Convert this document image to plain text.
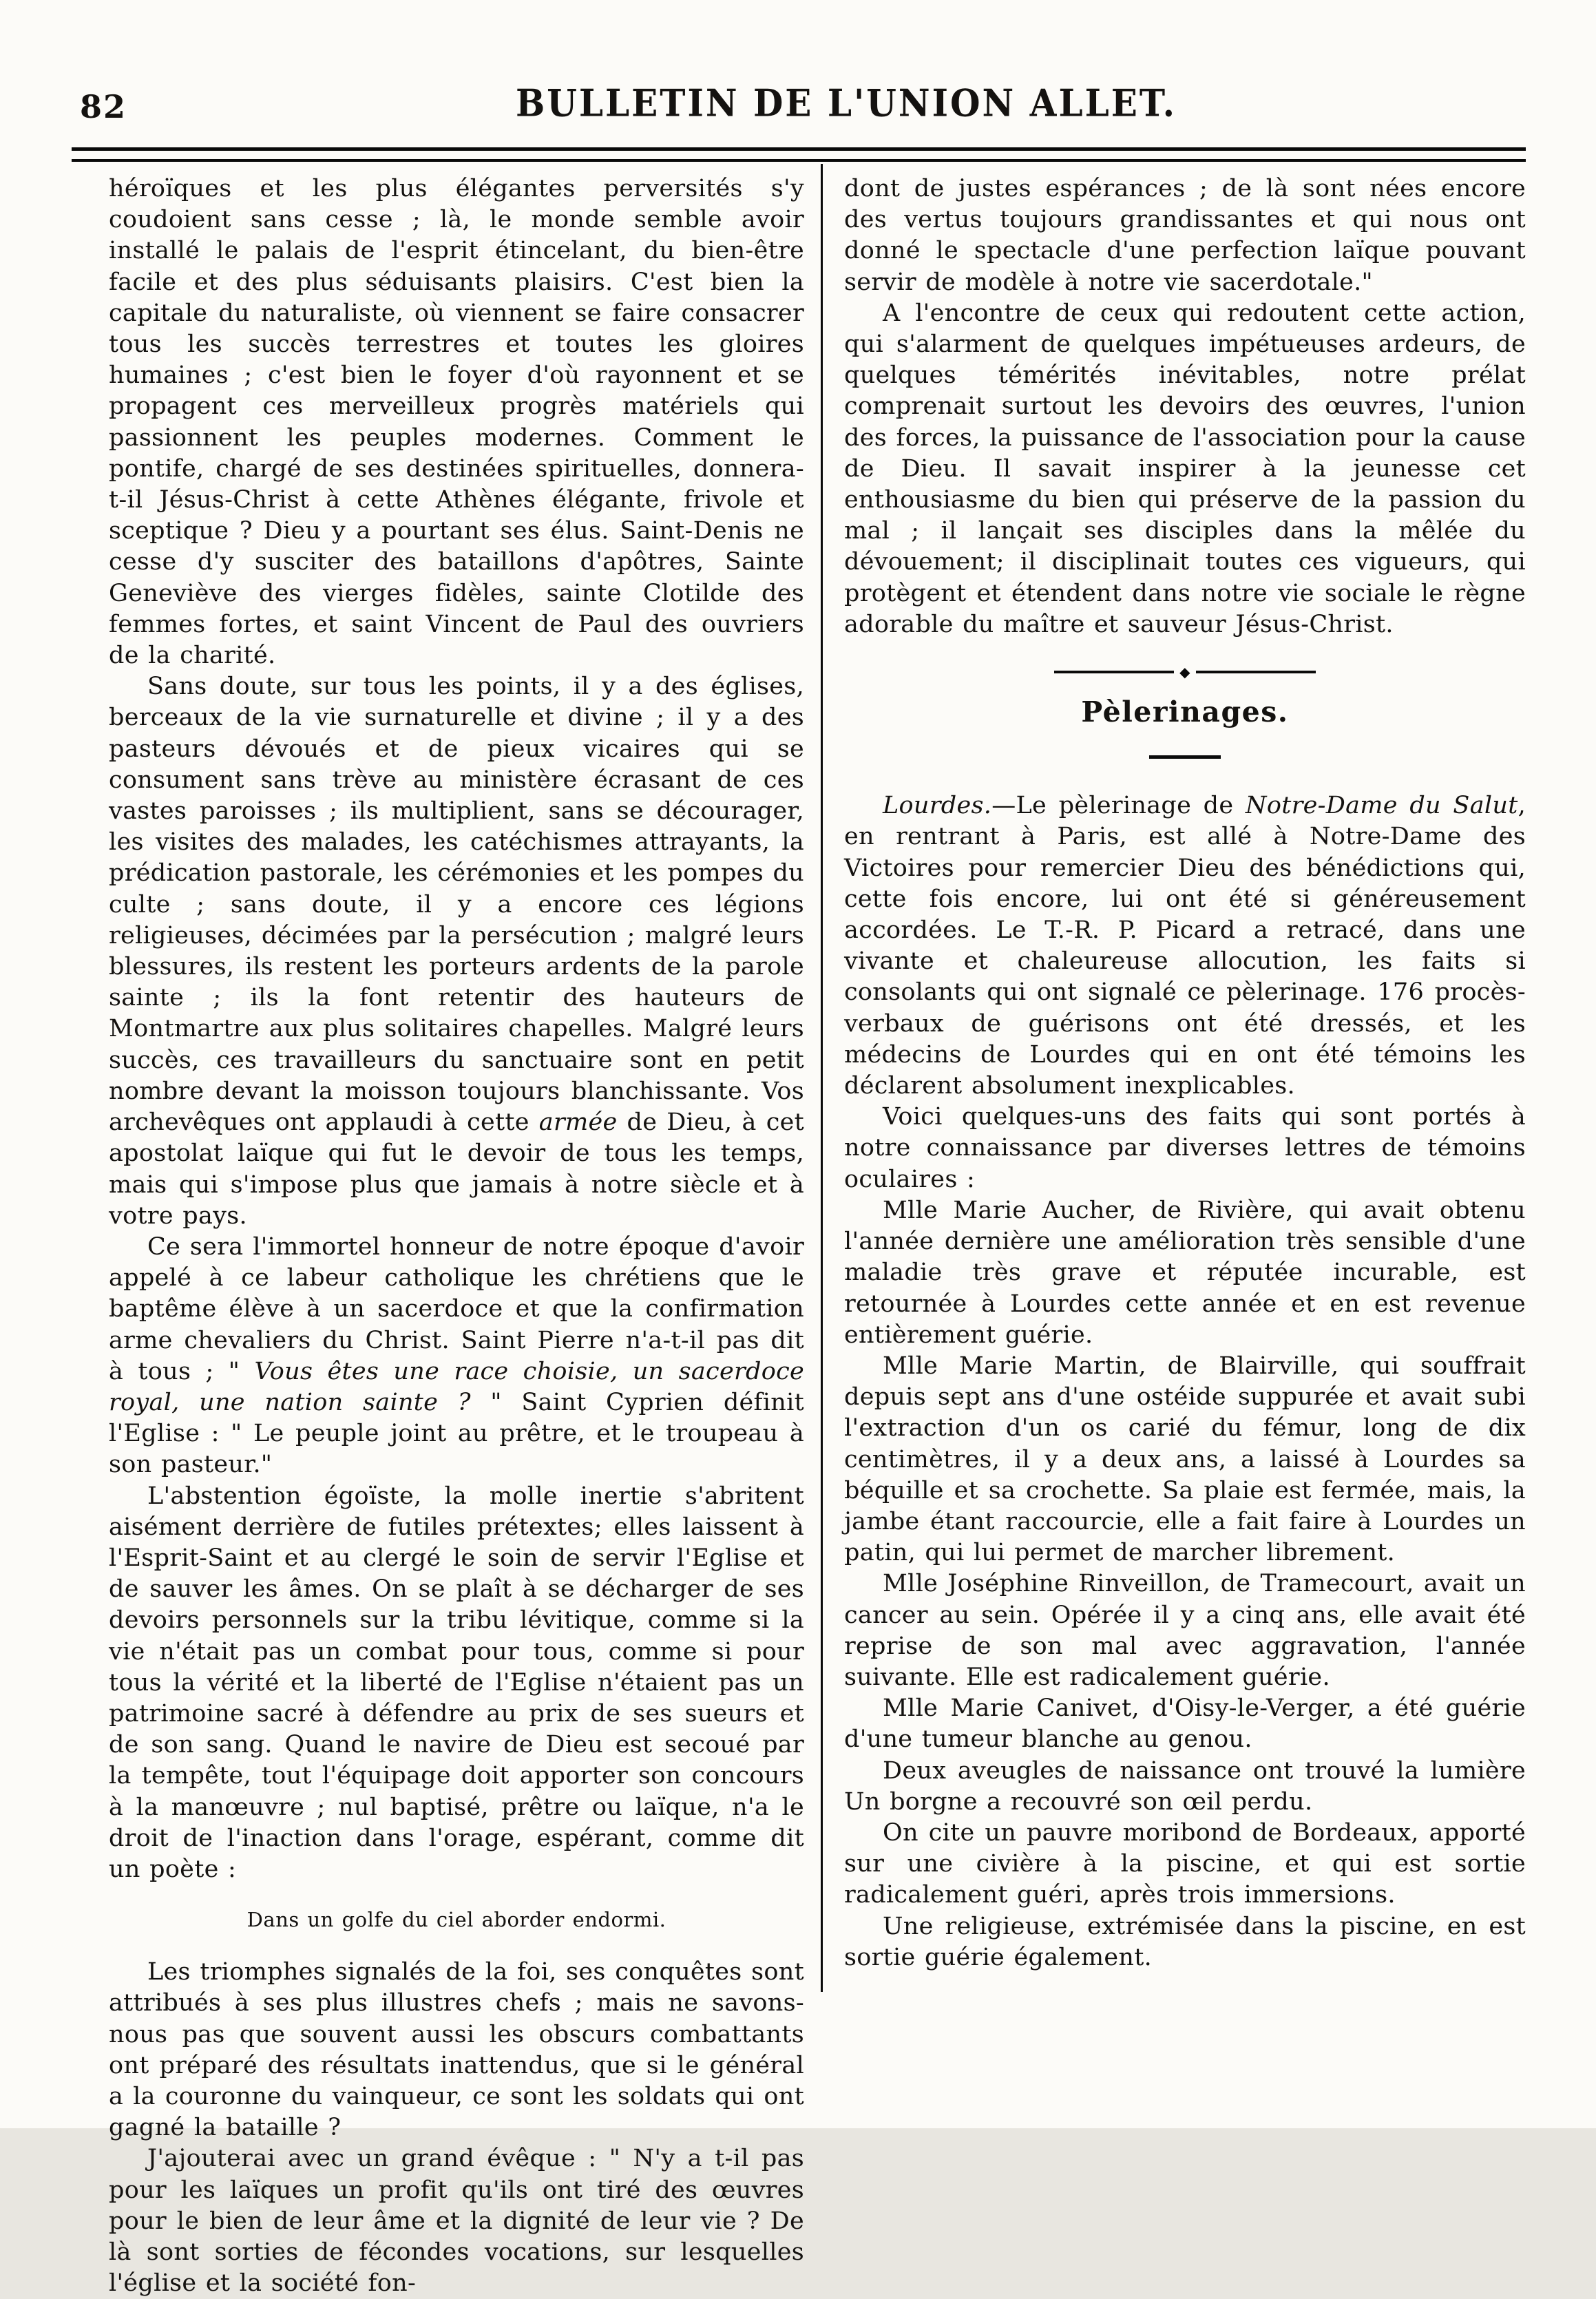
82	BULLETIN DE L'UNION ALLET.

héroïques et les plus élégantes perversités s'y coudoient sans cesse ; là, le monde semble avoir installé le palais de l'esprit étincelant, du bien-être facile et des plus séduisants plaisirs. C'est bien la capitale du naturaliste, où viennent se faire consacrer tous les succès terrestres et toutes les gloires humaines ; c'est bien le foyer d'où rayonnent et se propagent ces merveilleux progrès matériels qui passionnent les peuples modernes. Comment le pontife, chargé de ses destinées spirituelles, donnera-t-il Jésus-Christ à cette Athènes élégante, frivole et sceptique ? Dieu y a pourtant ses élus. Saint-Denis ne cesse d'y susciter des bataillons d'apôtres, Sainte Geneviève des vierges fidèles, sainte Clotilde des femmes fortes, et saint Vincent de Paul des ouvriers de la charité.

Sans doute, sur tous les points, il y a des églises, berceaux de la vie surnaturelle et divine ; il y a des pasteurs dévoués et de pieux vicaires qui se consument sans trève au ministère écrasant de ces vastes paroisses ; ils multiplient, sans se décourager, les visites des malades, les catéchismes attrayants, la prédication pastorale, les cérémonies et les pompes du culte ; sans doute, il y a encore ces légions religieuses, décimées par la persécution ; malgré leurs blessures, ils restent les porteurs ardents de la parole sainte ; ils la font retentir des hauteurs de Montmartre aux plus solitaires chapelles. Malgré leurs succès, ces travailleurs du sanctuaire sont en petit nombre devant la moisson toujours blanchissante. Vos archevêques ont applaudi à cette armée de Dieu, à cet apostolat laïque qui fut le devoir de tous les temps, mais qui s'impose plus que jamais à notre siècle et à votre pays.

Ce sera l'immortel honneur de notre époque d'avoir appelé à ce labeur catholique les chrétiens que le baptême élève à un sacerdoce et que la confirmation arme chevaliers du Christ. Saint Pierre n'a-t-il pas dit à tous ; " Vous êtes une race choisie, un sacerdoce royal, une nation sainte ? " Saint Cyprien définit l'Eglise : " Le peuple joint au prêtre, et le troupeau à son pasteur."

L'abstention égoïste, la molle inertie s'abritent aisément derrière de futiles prétextes; elles laissent à l'Esprit-Saint et au clergé le soin de servir l'Eglise et de sauver les âmes. On se plaît à se décharger de ses devoirs personnels sur la tribu lévitique, comme si la vie n'était pas un combat pour tous, comme si pour tous la vérité et la liberté de l'Eglise n'étaient pas un patrimoine sacré à défendre au prix de ses sueurs et de son sang. Quand le navire de Dieu est secoué par la tempête, tout l'équipage doit apporter son concours à la manœuvre ; nul baptisé, prêtre ou laïque, n'a le droit de l'inaction dans l'orage, espérant, comme dit un poète :

Dans un golfe du ciel aborder endormi.

Les triomphes signalés de la foi, ses conquêtes sont attribués à ses plus illustres chefs ; mais ne savons-nous pas que souvent aussi les obscurs combattants ont préparé des résultats inattendus, que si le général a la couronne du vainqueur, ce sont les soldats qui ont gagné la bataille ?

J'ajouterai avec un grand évêque : " N'y a t-il pas pour les laïques un profit qu'ils ont tiré des œuvres pour le bien de leur âme et la dignité de leur vie ? De là sont sorties de fécondes vocations, sur lesquelles l'église et la société fon-

dont de justes espérances ; de là sont nées encore des vertus toujours grandissantes et qui nous ont donné le spectacle d'une perfection laïque pouvant servir de modèle à notre vie sacerdotale."

A l'encontre de ceux qui redoutent cette action, qui s'alarment de quelques impétueuses ardeurs, de quelques témérités inévitables, notre prélat comprenait surtout les devoirs des œuvres, l'union des forces, la puissance de l'association pour la cause de Dieu. Il savait inspirer à la jeunesse cet enthousiasme du bien qui préserve de la passion du mal ; il lançait ses disciples dans la mêlée du dévouement; il disciplinait toutes ces vigueurs, qui protègent et étendent dans notre vie sociale le règne adorable du maître et sauveur Jésus-Christ.

◆
Pèlerinages.

Lourdes.—Le pèlerinage de Notre-Dame du Salut, en rentrant à Paris, est allé à Notre-Dame des Victoires pour remercier Dieu des bénédictions qui, cette fois encore, lui ont été si généreusement accordées. Le T.-R. P. Picard a retracé, dans une vivante et chaleureuse allocution, les faits si consolants qui ont signalé ce pèlerinage. 176 procès-verbaux de guérisons ont été dressés, et les médecins de Lourdes qui en ont été témoins les déclarent absolument inexplicables.

Voici quelques-uns des faits qui sont portés à notre connaissance par diverses lettres de témoins oculaires :

Mlle Marie Aucher, de Rivière, qui avait obtenu l'année dernière une amélioration très sensible d'une maladie très grave et réputée incurable, est retournée à Lourdes cette année et en est revenue entièrement guérie.

Mlle Marie Martin, de Blairville, qui souffrait depuis sept ans d'une ostéide suppurée et avait subi l'extraction d'un os carié du fémur, long de dix centimètres, il y a deux ans, a laissé à Lourdes sa béquille et sa crochette. Sa plaie est fermée, mais, la jambe étant raccourcie, elle a fait faire à Lourdes un patin, qui lui permet de marcher librement.

Mlle Joséphine Rinveillon, de Tramecourt, avait un cancer au sein. Opérée il y a cinq ans, elle avait été reprise de son mal avec aggravation, l'année suivante. Elle est radicalement guérie.

Mlle Marie Canivet, d'Oisy-le-Verger, a été guérie d'une tumeur blanche au genou.

Deux aveugles de naissance ont trouvé la lumière Un borgne a recouvré son œil perdu.

On cite un pauvre moribond de Bordeaux, apporté sur une civière à la piscine, et qui est sortie radicalement guéri, après trois immersions.

Une religieuse, extrémisée dans la piscine, en est sortie guérie également.
